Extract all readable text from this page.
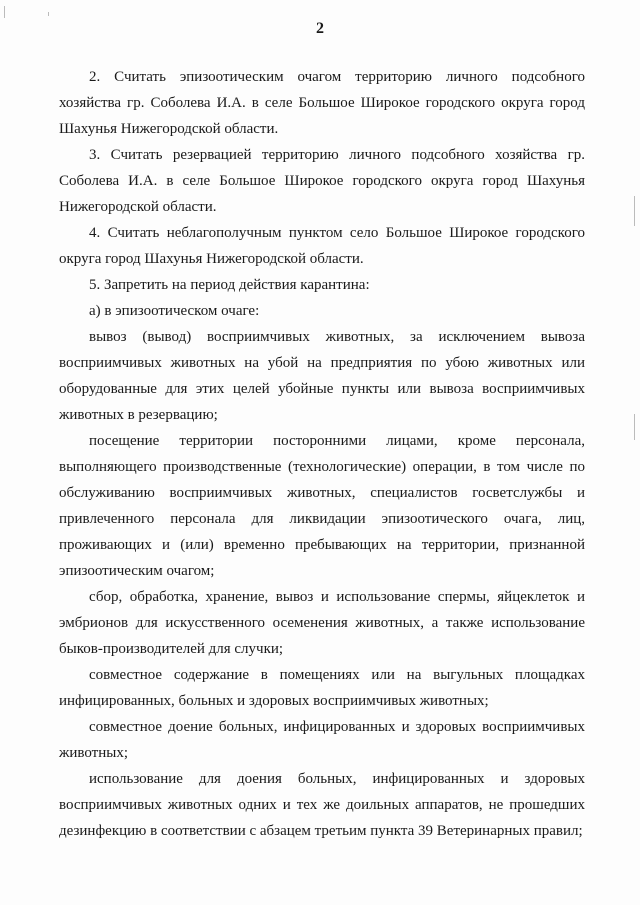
2

2. Считать эпизоотическим очагом территорию личного подсобного хозяйства гр. Соболева И.А. в селе Большое Широкое городского округа город Шахунья Нижегородской области.

3. Считать резервацией территорию личного подсобного хозяйства гр. Соболева И.А. в селе Большое Широкое городского округа город Шахунья Нижегородской области.

4. Считать неблагополучным пунктом село Большое Широкое городского округа город Шахунья Нижегородской области.

5. Запретить на период действия карантина:

а) в эпизоотическом очаге:

вывоз (вывод) восприимчивых животных, за исключением вывоза восприимчивых животных на убой на предприятия по убою животных или оборудованные для этих целей убойные пункты или вывоза восприимчивых животных в резервацию;

посещение территории посторонними лицами, кроме персонала, выполняющего производственные (технологические) операции, в том числе по обслуживанию восприимчивых животных, специалистов госветслужбы и привлеченного персонала для ликвидации эпизоотического очага, лиц, проживающих и (или) временно пребывающих на территории, признанной эпизоотическим очагом;

сбор, обработка, хранение, вывоз и использование спермы, яйцеклеток и эмбрионов для искусственного осеменения животных, а также использование быков-производителей для случки;

совместное содержание в помещениях или на выгульных площадках инфицированных, больных и здоровых восприимчивых животных;

совместное доение больных, инфицированных и здоровых восприимчивых животных;

использование для доения больных, инфицированных и здоровых восприимчивых животных одних и тех же доильных аппаратов, не прошедших дезинфекцию в соответствии с абзацем третьим пункта 39 Ветеринарных правил;
